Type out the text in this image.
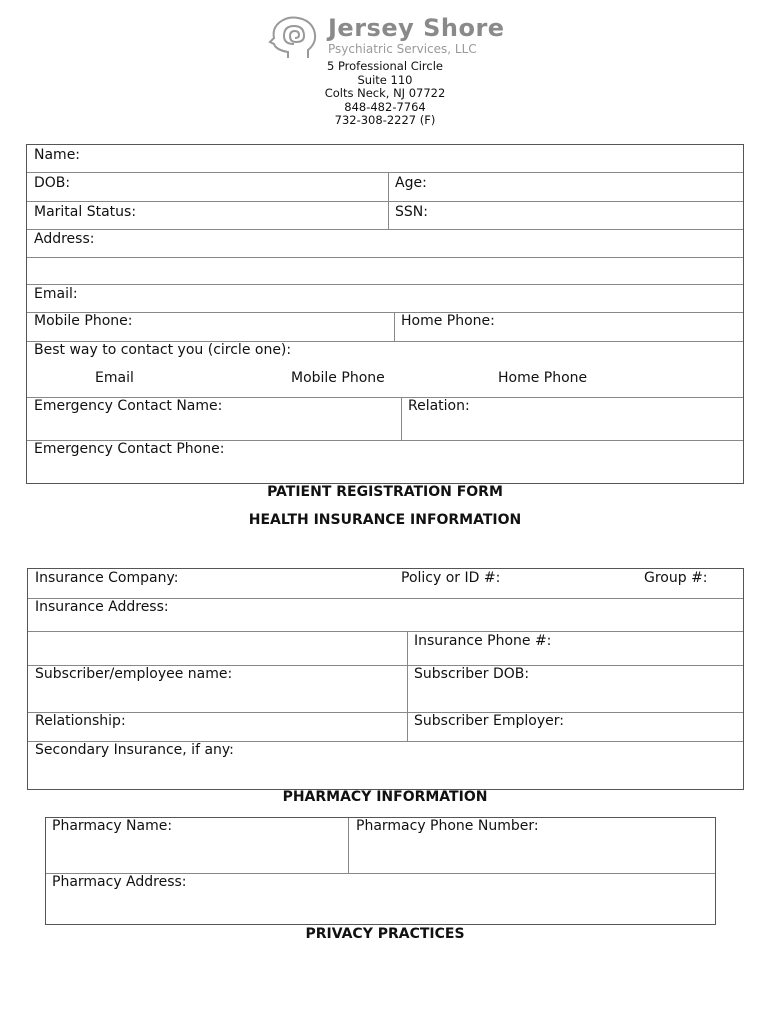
Jersey Shore
Psychiatric Services, LLC
5 Professional Circle
Suite 110
Colts Neck, NJ 07722
848-482-7764
732-308-2227 (F)
Name:
DOB:	Age:
Marital Status:	SSN:
Address:
Email:
Mobile Phone:	Home Phone:
Best way to contact you (circle one):
Email	Mobile Phone	Home Phone
Emergency Contact Name:	Relation:
Emergency Contact Phone:
PATIENT REGISTRATION FORM
HEALTH INSURANCE INFORMATION
Insurance Company:	Policy or ID #:	Group #:
Insurance Address:
Insurance Phone #:
Subscriber/employee name:	Subscriber DOB:
Relationship:	Subscriber Employer:
Secondary Insurance, if any:
PHARMACY INFORMATION
Pharmacy Name:	Pharmacy Phone Number:
Pharmacy Address:
PRIVACY PRACTICES
